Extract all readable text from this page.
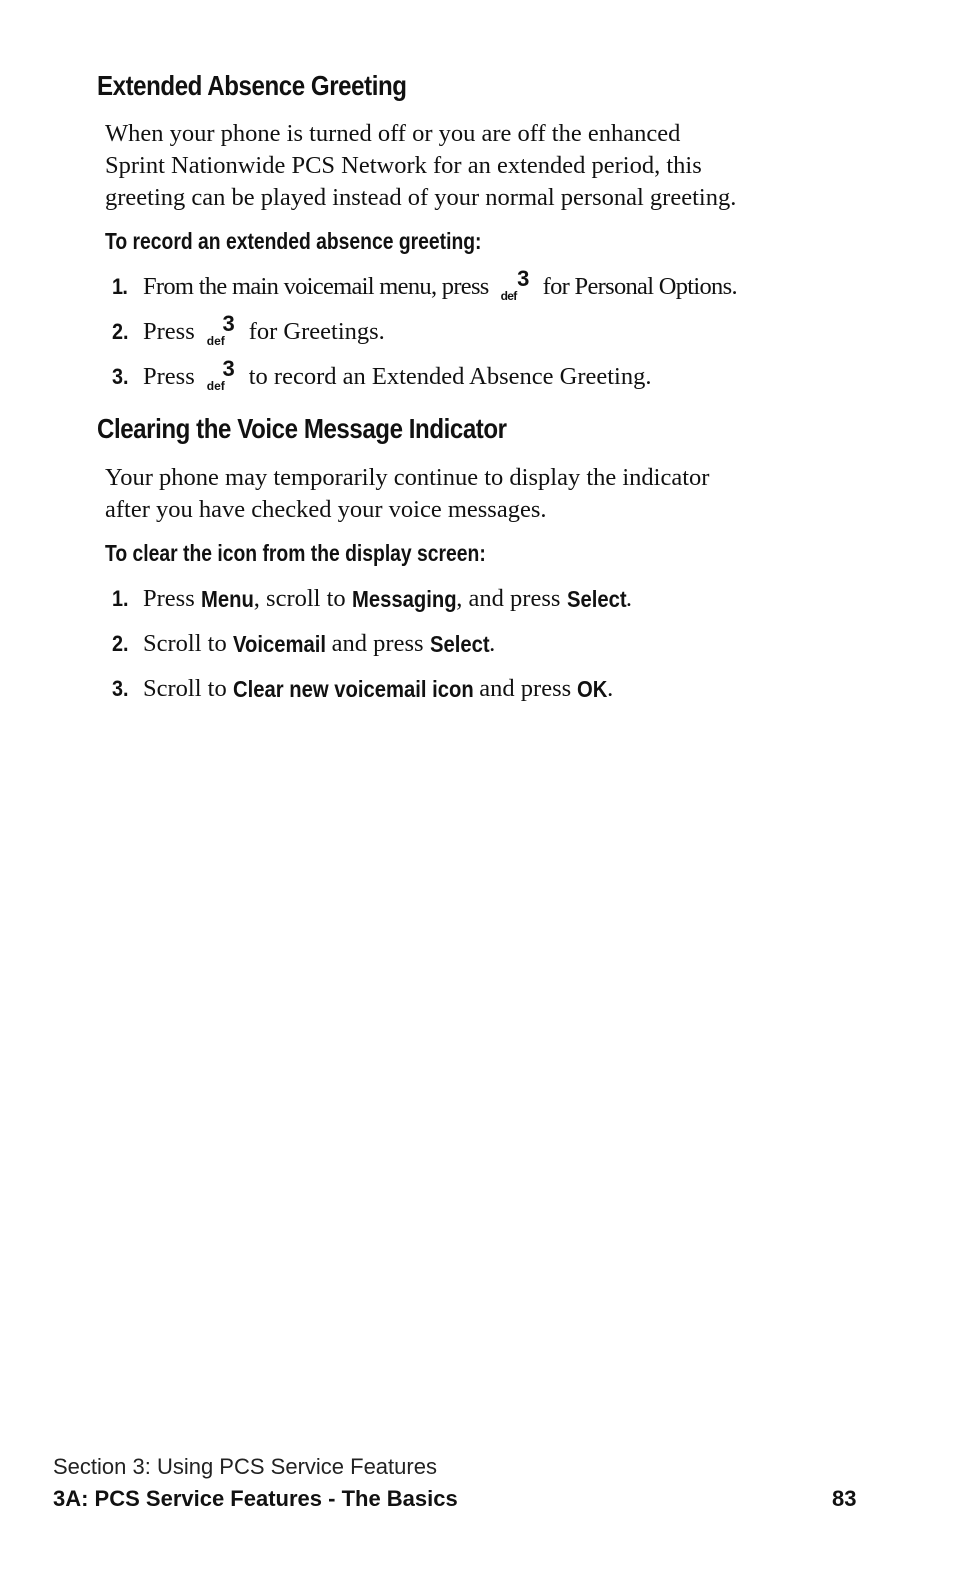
Extended Absence Greeting

When your phone is turned off or you are off the enhanced
Sprint Nationwide PCS Network for an extended period, this
greeting can be played instead of your normal personal greeting.

To record an extended absence greeting:
1. From the main voicemail menu, press 3
def for Personal Options.
2. Press 3
def for Greetings.
3. Press 3
def to record an Extended Absence Greeting.
Clearing the Voice Message Indicator

Your phone may temporarily continue to display the indicator
after you have checked your voice messages.

To clear the icon from the display screen:
1. Press Menu , scroll to Messaging , and press Select .
2. Scroll to Voicemail and press Select .
3. Scroll to Clear new voicemail icon and press OK .
Section 3: Using PCS Service Features
3A: PCS Service Features - The Basics	83
